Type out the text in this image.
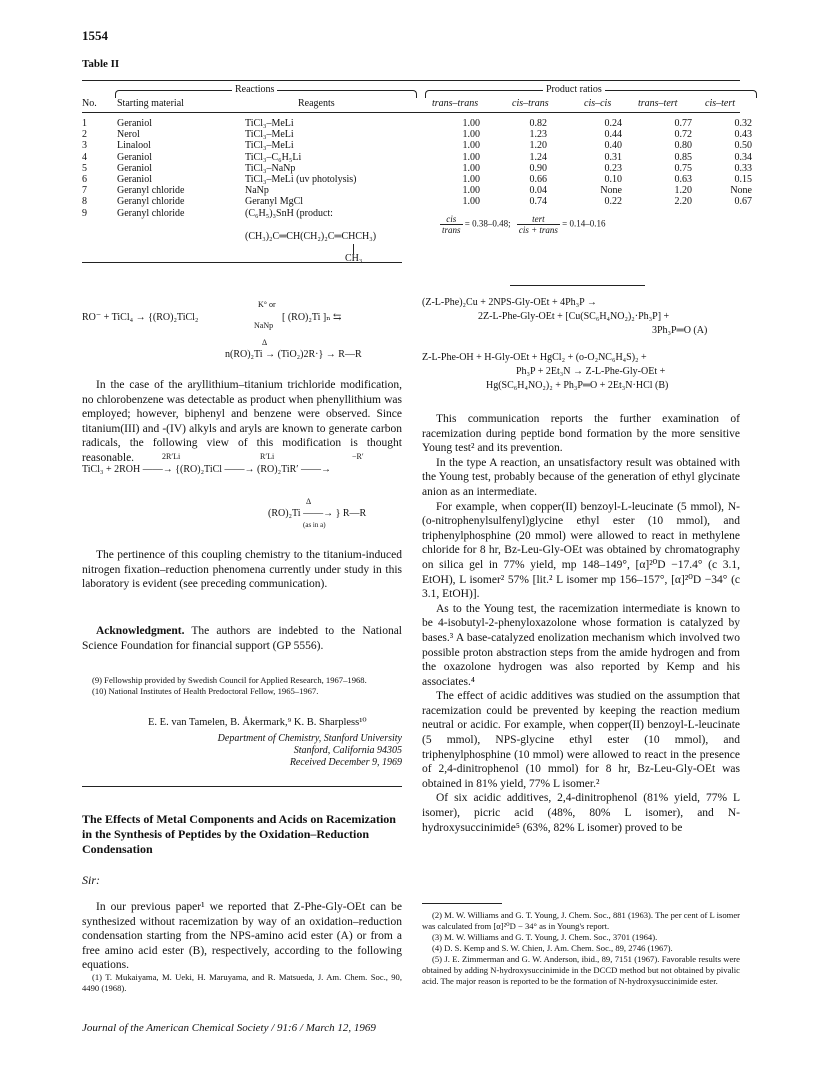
1554
Table II
Reactions	Product ratios
No. Starting material	Reagents	trans–trans	cis–trans	cis–cis	trans–tert	cis–tert
1	Geraniol	TiCl₃–MeLi	1.00	0.82	0.24	0.77	0.32
2	Nerol	TiCl₃–MeLi	1.00	1.23	0.44	0.72	0.43
3	Linalool	TiCl₃–MeLi	1.00	1.20	0.40	0.80	0.50
4	Geraniol	TiCl₃–C₆H₅Li	1.00	1.24	0.31	0.85	0.34
5	Geraniol	TiCl₃–NaNp	1.00	0.90	0.23	0.75	0.33
6	Geraniol	TiCl₃–MeLi (uv photolysis)	1.00	0.66	0.10	0.63	0.15
7	Geranyl chloride	NaNp	1.00	0.04	None	1.20	None
8	Geranyl chloride	Geranyl MgCl	1.00	0.74	0.22	2.20	0.67
9	Geranyl chloride	(C₆H₅)₃SnH (product:
(CH₃)₂C═CH(CH₂)₂C═CHCH₃)
CH₃
$\frac{\text{cis}}{\text{trans}} = 0.38-0.48$; $\frac{\text{tert}}{\text{cis + trans}} = 0.14-0.16$
RO⁻ + TiCl₄ → {(RO)₂TiCl₂
K° or
NaNp
[ (RO)₂Ti ]ₙ ⇆
Δ
n(RO)₂Ti → (TiO₂)2R·} → R—R

In the case of the aryllithium–titanium trichloride modification, no chlorobenzene was detectable as product when phenyllithium was employed; however, biphenyl and benzene were observed. Since titanium(III) and -(IV) alkyls and aryls are known to generate carbon radicals, the following view of this modification is thought reasonable.	2R′Li	R′Li	−R′
TiCl₃ + 2ROH ——→ {(RO)₂TiCl ——→ (RO)₂TiR′ ——→
Δ
(RO)₂Ti ——→ } R—R
(as in a)

The pertinence of this coupling chemistry to the titanium-induced nitrogen fixation–reduction phenomena currently under study in this laboratory is evident (see preceding communication).

Acknowledgment. The authors are indebted to the National Science Foundation for financial support (GP 5556).

(9) Fellowship provided by Swedish Council for Applied Research, 1967–1968.

(10) National Institutes of Health Predoctoral Fellow, 1965–1967.

E. E. van Tamelen, B. Åkermark,⁹ K. B. Sharpless¹⁰
Department of Chemistry, Stanford University
Stanford, California 94305
Received December 9, 1969
The Effects of Metal Components and Acids on Racemization in the Synthesis of Peptides by the Oxidation–Reduction Condensation
Sir:

In our previous paper¹ we reported that Z-Phe-Gly-OEt can be synthesized without racemization by way of an oxidation–reduction condensation starting from the NPS-amino acid ester (A) or from a free amino acid ester (B), respectively, according to the following equations.

(1) T. Mukaiyama, M. Ueki, H. Maruyama, and R. Matsueda, J. Am. Chem. Soc., 90, 4490 (1968).

(Z-L-Phe)₂Cu + 2NPS-Gly-OEt + 4Ph₃P →
2Z-L-Phe-Gly-OEt + [Cu(SC₆H₄NO₂)₂·Ph₃P] +
3Ph₃P═O (A)
Z-L-Phe-OH + H-Gly-OEt + HgCl₂ + (o-O₂NC₆H₄S)₂ +
Ph₃P + 2Et₃N → Z-L-Phe-Gly-OEt +
Hg(SC₆H₄NO₂)₂ + Ph₃P═O + 2Et₃N·HCl (B)

This communication reports the further examination of racemization during peptide bond formation by the more sensitive Young test² and its prevention.

In the type A reaction, an unsatisfactory result was obtained with the Young test, probably because of the generation of ethyl glycinate anion as an intermediate.

For example, when copper(II) benzoyl-L-leucinate (5 mmol), N-(o-nitrophenylsulfenyl)glycine ethyl ester (10 mmol), and triphenylphosphine (20 mmol) were allowed to react in methylene chloride for 8 hr, Bz-Leu-Gly-OEt was obtained by chromatography on silica gel in 77% yield, mp 148–149°, [α]²⁰D −17.4° (c 3.1, EtOH), L isomer² 57% [lit.² L isomer mp 156–157°, [α]²⁰D −34° (c 3.1, EtOH)].

As to the Young test, the racemization intermediate is known to be 4-isobutyl-2-phenyloxazolone whose formation is catalyzed by bases.³ A base-catalyzed enolization mechanism which involved two possible proton abstraction steps from the amide hydrogen and from the oxazolone hydrogen was also reported by Kemp and his associates.⁴

The effect of acidic additives was studied on the assumption that racemization could be prevented by keeping the reaction medium neutral or acidic. For example, when copper(II) benzoyl-L-leucinate (5 mmol), NPS-glycine ethyl ester (10 mmol), and triphenylphosphine (10 mmol) were allowed to react in the presence of 2,4-dinitrophenol (10 mmol) for 8 hr, Bz-Leu-Gly-OEt was obtained in 81% yield, 77% L isomer.²

Of six acidic additives, 2,4-dinitrophenol (81% yield, 77% L isomer), picric acid (48%, 80% L isomer), and N-hydroxysuccinimide⁵ (63%, 82% L isomer) proved to be

(2) M. W. Williams and G. T. Young, J. Chem. Soc., 881 (1963). The per cent of L isomer was calculated from [α]²⁰D − 34° as in Young's report.

(3) M. W. Williams and G. T. Young, J. Chem. Soc., 3701 (1964).

(4) D. S. Kemp and S. W. Chien, J. Am. Chem. Soc., 89, 2746 (1967).

(5) J. E. Zimmerman and G. W. Anderson, ibid., 89, 7151 (1967). Favorable results were obtained by adding N-hydroxysuccinimide in the DCCD method but not obtained by pivalic acid. The major reason is reported to be the formation of N-hydroxysuccinimide ester.

Journal of the American Chemical Society / 91:6 / March 12, 1969
